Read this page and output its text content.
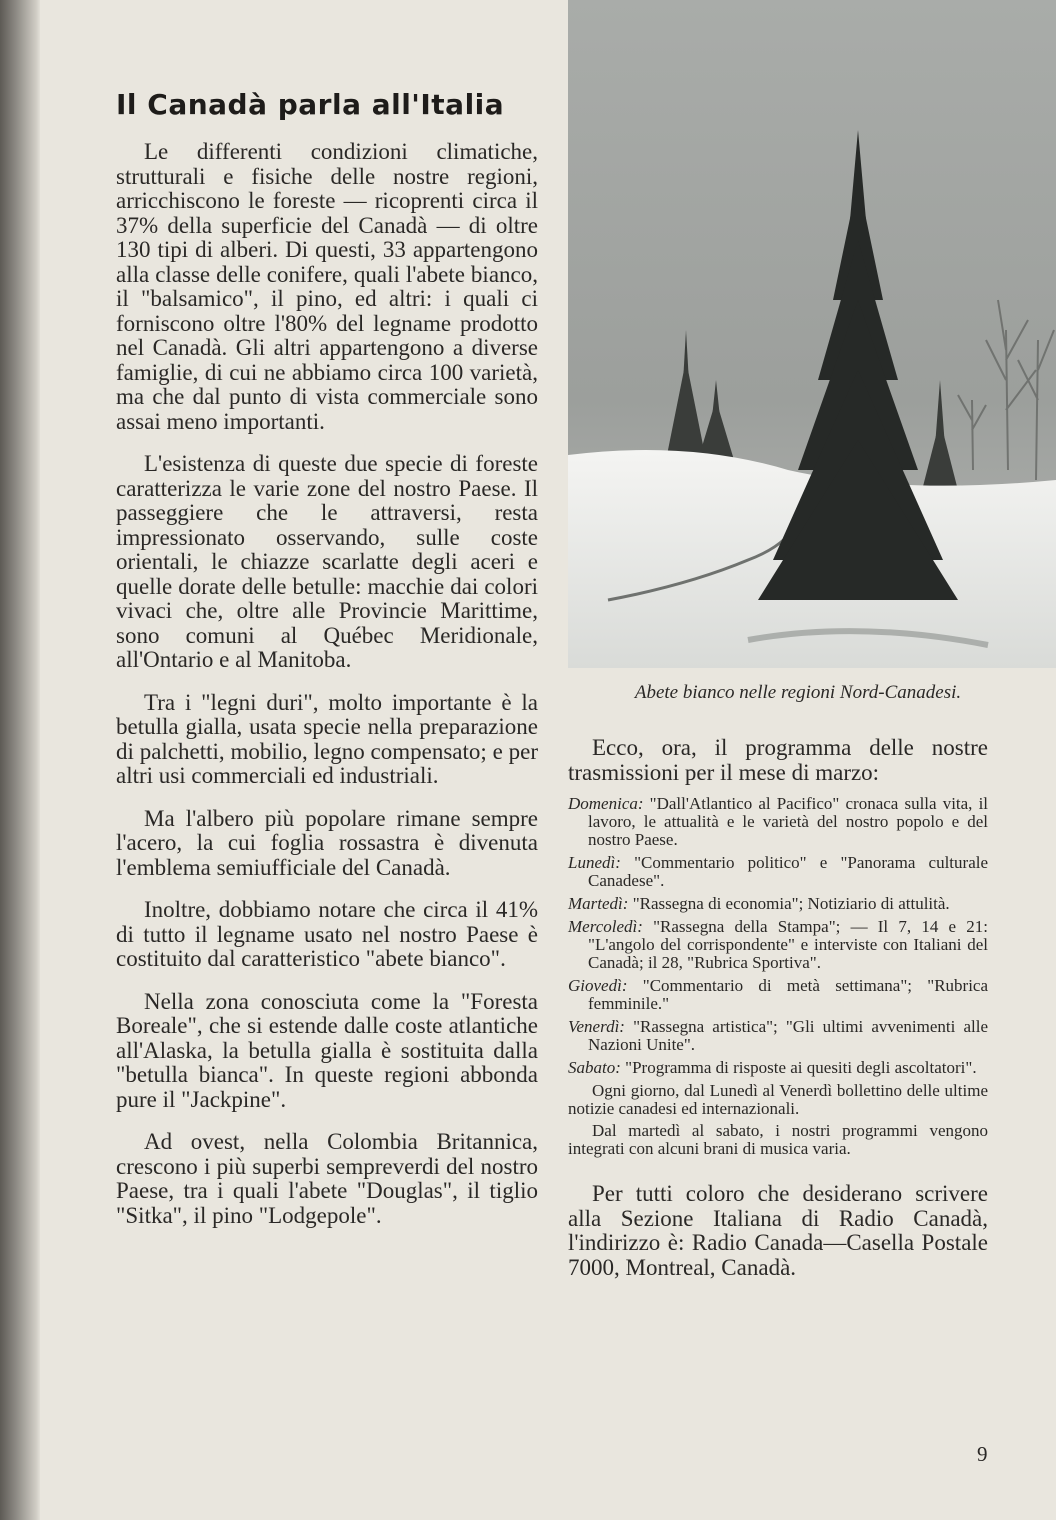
Il Canadà parla all'Italia

Le differenti condizioni climatiche, strutturali e fisiche delle nostre regioni, arricchiscono le foreste — ricoprenti circa il 37% della superficie del Canadà — di oltre 130 tipi di alberi. Di questi, 33 appartengono alla classe delle conifere, quali l'abete bianco, il "balsamico", il pino, ed altri: i quali ci forniscono oltre l'80% del legname prodotto nel Canadà. Gli altri appartengono a diverse famiglie, di cui ne abbiamo circa 100 varietà, ma che dal punto di vista commerciale sono assai meno importanti.

L'esistenza di queste due specie di foreste caratterizza le varie zone del nostro Paese. Il passeggiere che le attraversi, resta impressionato osservando, sulle coste orientali, le chiazze scarlatte degli aceri e quelle dorate delle betulle: macchie dai colori vivaci che, oltre alle Provincie Marittime, sono comuni al Québec Meridionale, all'Ontario e al Manitoba.

Tra i "legni duri", molto importante è la betulla gialla, usata specie nella preparazione di palchetti, mobilio, legno compensato; e per altri usi commerciali ed industriali.

Ma l'albero più popolare rimane sempre l'acero, la cui foglia rossastra è divenuta l'emblema semiufficiale del Canadà.

Inoltre, dobbiamo notare che circa il 41% di tutto il legname usato nel nostro Paese è costituito dal caratteristico "abete bianco".

Nella zona conosciuta come la "Foresta Boreale", che si estende dalle coste atlantiche all'Alaska, la betulla gialla è sostituita dalla "betulla bianca". In queste regioni abbonda pure il "Jackpine".

Ad ovest, nella Colombia Britannica, crescono i più superbi sempreverdi del nostro Paese, tra i quali l'abete "Douglas", il tiglio "Sitka", il pino "Lodgepole".

Abete bianco nelle regioni Nord-Canadesi.

Ecco, ora, il programma delle nostre trasmissioni per il mese di marzo:

Domenica: "Dall'Atlantico al Pacifico" cronaca sulla vita, il lavoro, le attualità e le varietà del nostro popolo e del nostro Paese.
Lunedì: "Commentario politico" e "Panorama culturale Canadese".
Martedì: "Rassegna di economia"; Notiziario di attulità.
Mercoledì: "Rassegna della Stampa"; — Il 7, 14 e 21: "L'angolo del corrispondente" e interviste con Italiani del Canadà; il 28, "Rubrica Sportiva".
Giovedì: "Commentario di metà settimana"; "Rubrica femminile."
Venerdì: "Rassegna artistica"; "Gli ultimi avvenimenti alle Nazioni Unite".
Sabato: "Programma di risposte ai quesiti degli ascoltatori".

Ogni giorno, dal Lunedì al Venerdì bollettino delle ultime notizie canadesi ed internazionali.

Dal martedì al sabato, i nostri programmi vengono integrati con alcuni brani di musica varia.

Per tutti coloro che desiderano scrivere alla Sezione Italiana di Radio Canadà, l'indirizzo è: Radio Canada—Casella Postale 7000, Montreal, Canadà.

9
